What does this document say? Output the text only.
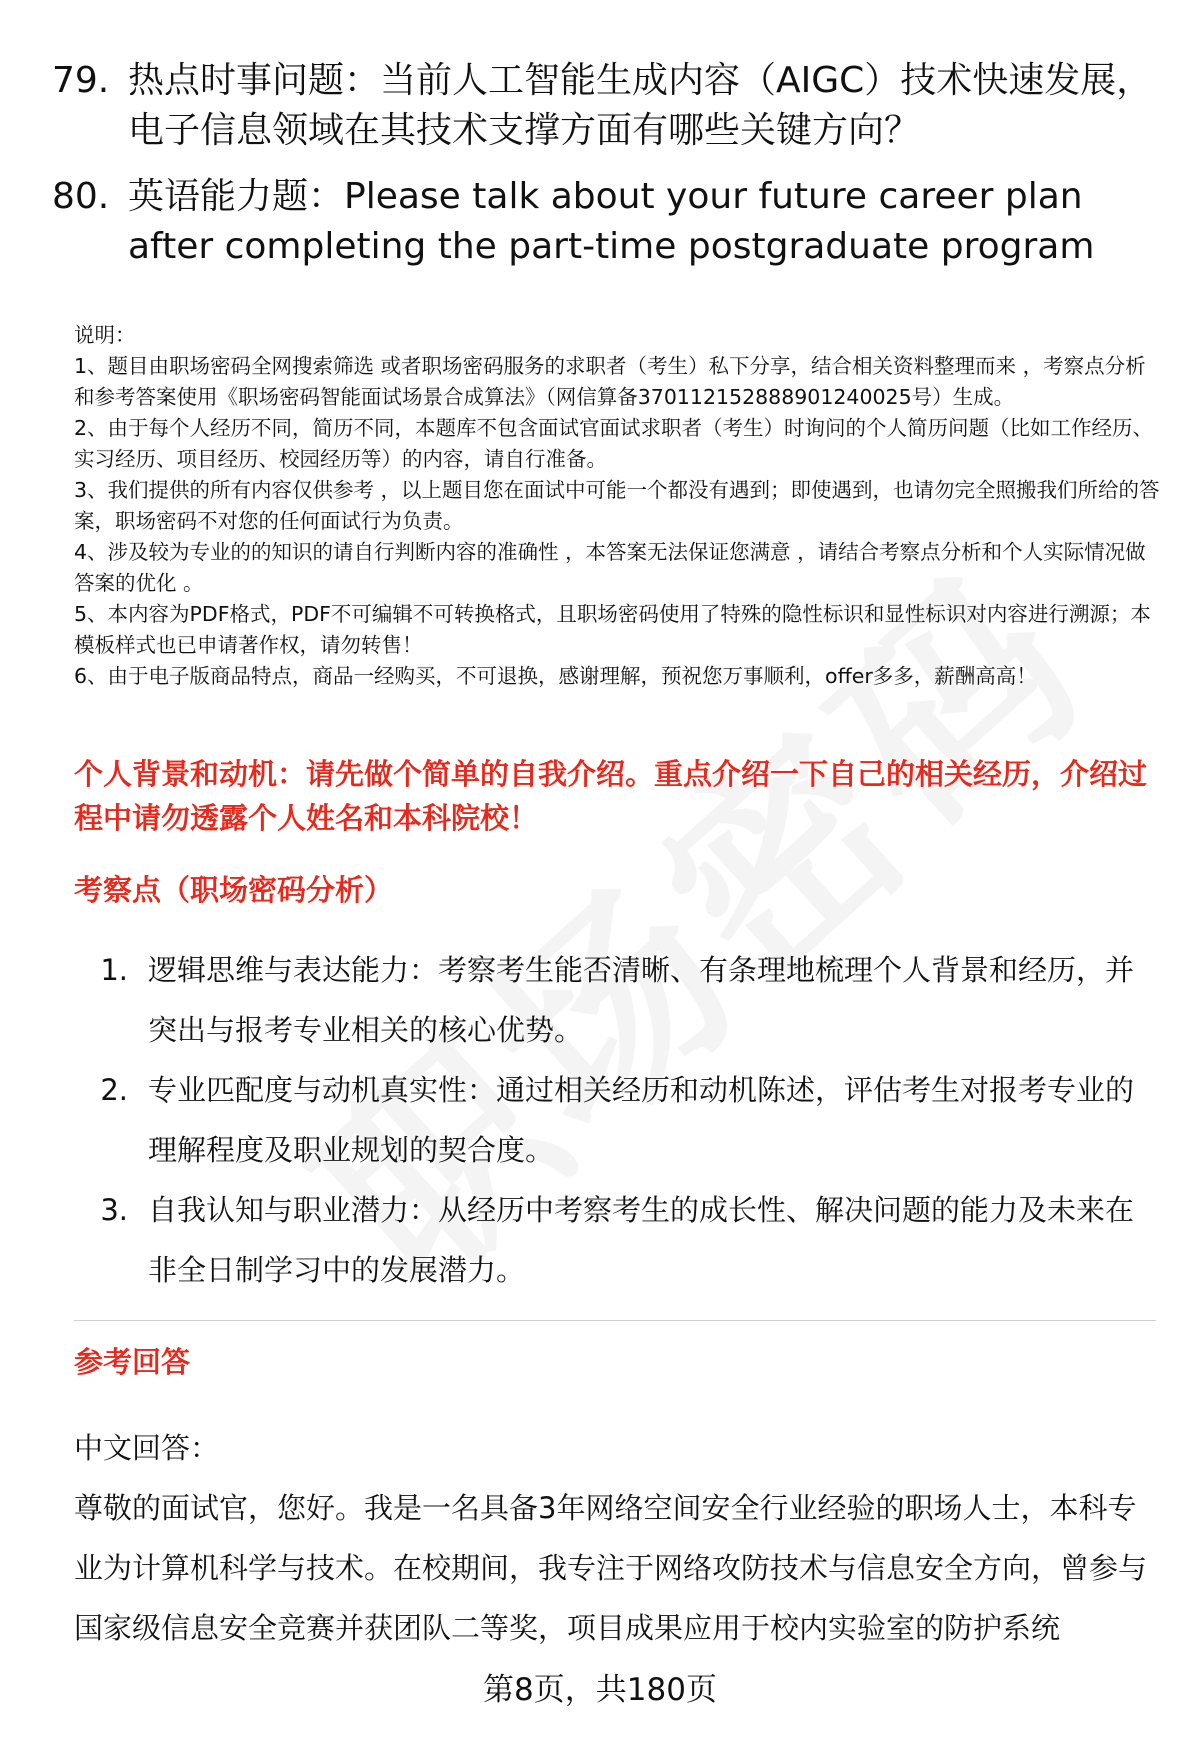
79. 热点时事问题：当前人工智能生成内容（AIGC）技术快速发展，电子信息领域在其技术支撑方面有哪些关键方向？
80. 英语能力题：Please talk about your future career plan after completing the part-time postgraduate program

说明：

1、题目由职场密码全网搜索筛选 或者职场密码服务的求职者（考生）私下分享，结合相关资料整理而来 ，考察点分析和参考答案使用《职场密码智能面试场景合成算法》（网信算备370112152888901240025号）生成。

2、由于每个人经历不同，简历不同，本题库不包含面试官面试求职者（考生）时询问的个人简历问题（比如工作经历、实习经历、项目经历、校园经历等）的内容，请自行准备。

3、我们提供的所有内容仅供参考 ，以上题目您在面试中可能一个都没有遇到；即使遇到，也请勿完全照搬我们所给的答案，职场密码不对您的任何面试行为负责。

4、涉及较为专业的的知识的请自行判断内容的准确性 ，本答案无法保证您满意 ，请结合考察点分析和个人实际情况做答案的优化 。

5、本内容为PDF格式，PDF不可编辑不可转换格式，且职场密码使用了特殊的隐性标识和显性标识对内容进行溯源；本模板样式也已申请著作权，请勿转售！

6、由于电子版商品特点，商品一经购买，不可退换，感谢理解，预祝您万事顺利，offer多多，薪酬高高！

个人背景和动机：请先做个简单的自我介绍。重点介绍一下自己的相关经历，介绍过程中请勿透露个人姓名和本科院校！
考察点（职场密码分析）
1. 逻辑思维与表达能力：考察考生能否清晰、有条理地梳理个人背景和经历，并突出与报考专业相关的核心优势。
2. 专业匹配度与动机真实性：通过相关经历和动机陈述，评估考生对报考专业的理解程度及职业规划的契合度。
3. 自我认知与职业潜力：从经历中考察考生的成长性、解决问题的能力及未来在非全日制学习中的发展潜力。
参考回答

中文回答：

尊敬的面试官，您好。我是一名具备3年网络空间安全行业经验的职场人士，本科专业为计算机科学与技术。在校期间，我专注于网络攻防技术与信息安全方向，曾参与国家级信息安全竞赛并获团队二等奖，项目成果应用于校内实验室的防护系统

第8页，共180页
